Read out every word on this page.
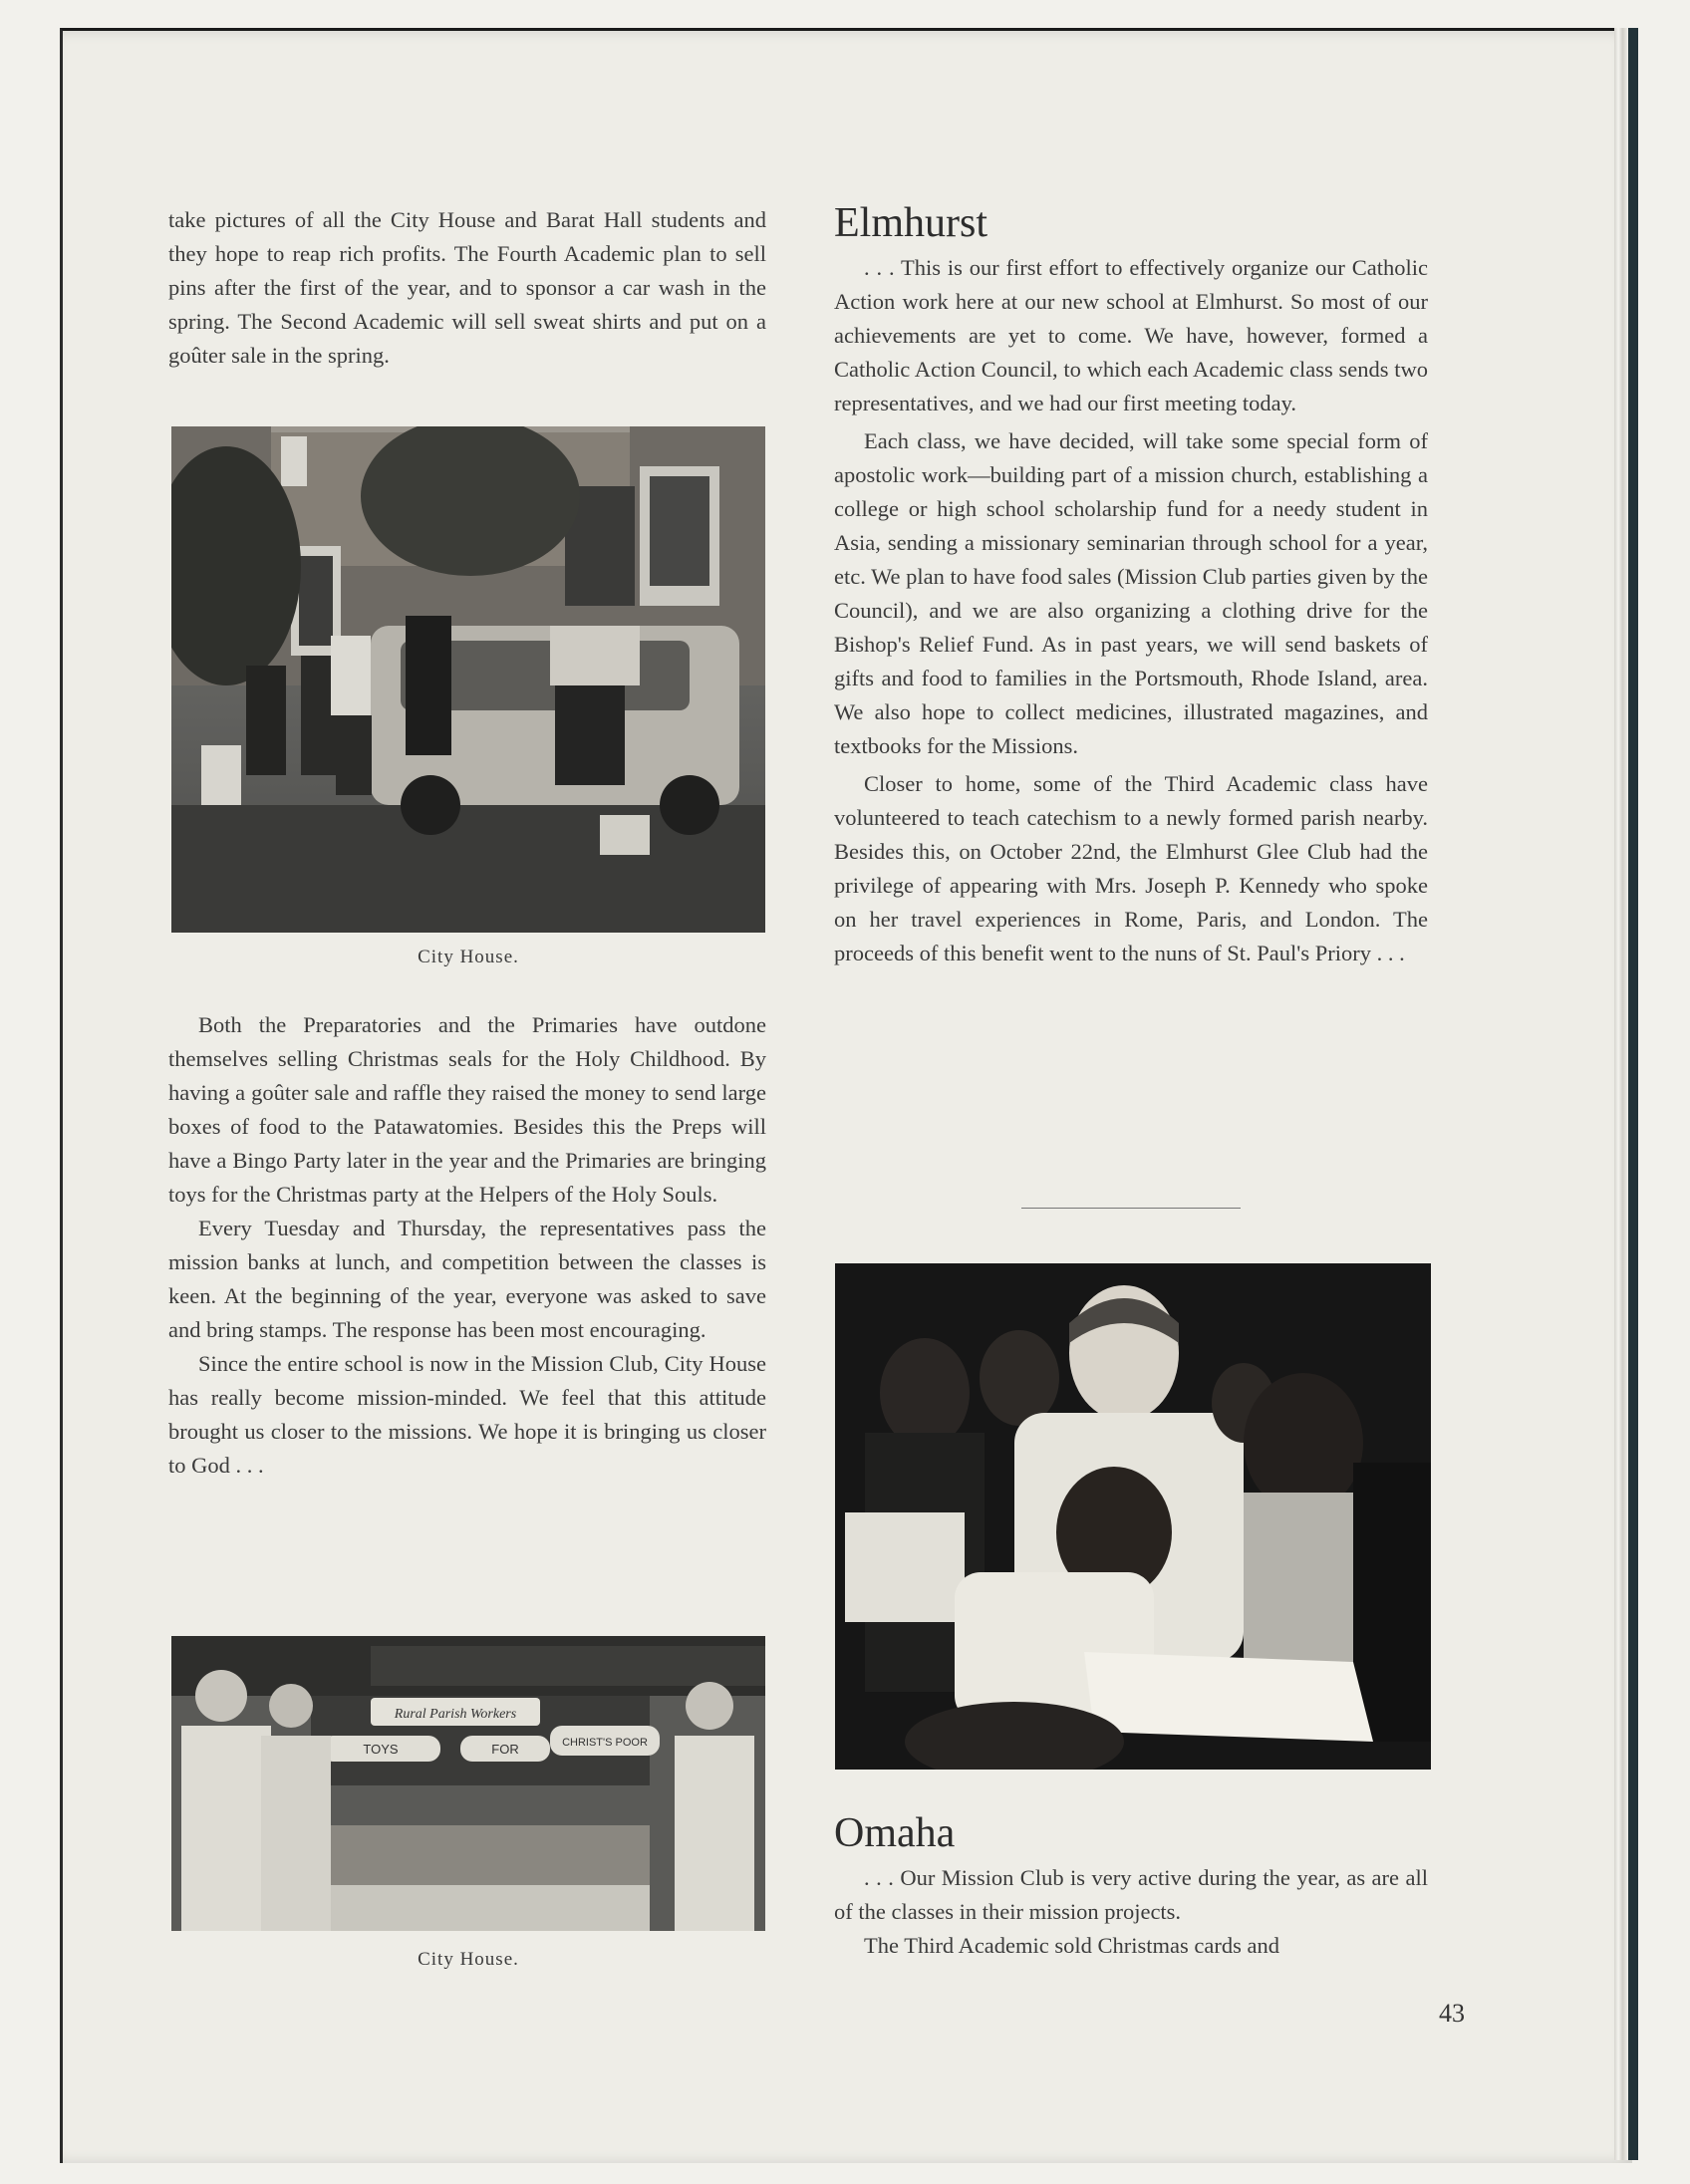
take pictures of all the City House and Barat Hall students and they hope to reap rich profits. The Fourth Academic plan to sell pins after the first of the year, and to sponsor a car wash in the spring. The Second Academic will sell sweat shirts and put on a goûter sale in the spring.

City House.

Both the Preparatories and the Primaries have outdone themselves selling Christmas seals for the Holy Childhood. By having a goûter sale and raffle they raised the money to send large boxes of food to the Patawatomies. Besides this the Preps will have a Bingo Party later in the year and the Primaries are bringing toys for the Christmas party at the Helpers of the Holy Souls.

Every Tuesday and Thursday, the representatives pass the mission banks at lunch, and competition between the classes is keen. At the beginning of the year, everyone was asked to save and bring stamps. The response has been most encouraging.

Since the entire school is now in the Mission Club, City House has really become mission-minded. We feel that this attitude brought us closer to the missions. We hope it is bringing us closer to God . . .

Rural Parish Workers
TOYS	FOR	CHRIST'S POOR
City House.
Elmhurst

. . . This is our first effort to effectively organize our Catholic Action work here at our new school at Elmhurst. So most of our achievements are yet to come. We have, however, formed a Catholic Action Council, to which each Academic class sends two representatives, and we had our first meeting today.

Each class, we have decided, will take some special form of apostolic work—building part of a mission church, establishing a college or high school scholarship fund for a needy student in Asia, sending a missionary seminarian through school for a year, etc. We plan to have food sales (Mission Club parties given by the Council), and we are also organizing a clothing drive for the Bishop's Relief Fund. As in past years, we will send baskets of gifts and food to families in the Portsmouth, Rhode Island, area. We also hope to collect medicines, illustrated magazines, and textbooks for the Missions.

Closer to home, some of the Third Academic class have volunteered to teach catechism to a newly formed parish nearby. Besides this, on October 22nd, the Elmhurst Glee Club had the privilege of appearing with Mrs. Joseph P. Kennedy who spoke on her travel experiences in Rome, Paris, and London. The proceeds of this benefit went to the nuns of St. Paul's Priory . . .

Omaha

. . . Our Mission Club is very active during the year, as are all of the classes in their mission projects.

The Third Academic sold Christmas cards and

43
